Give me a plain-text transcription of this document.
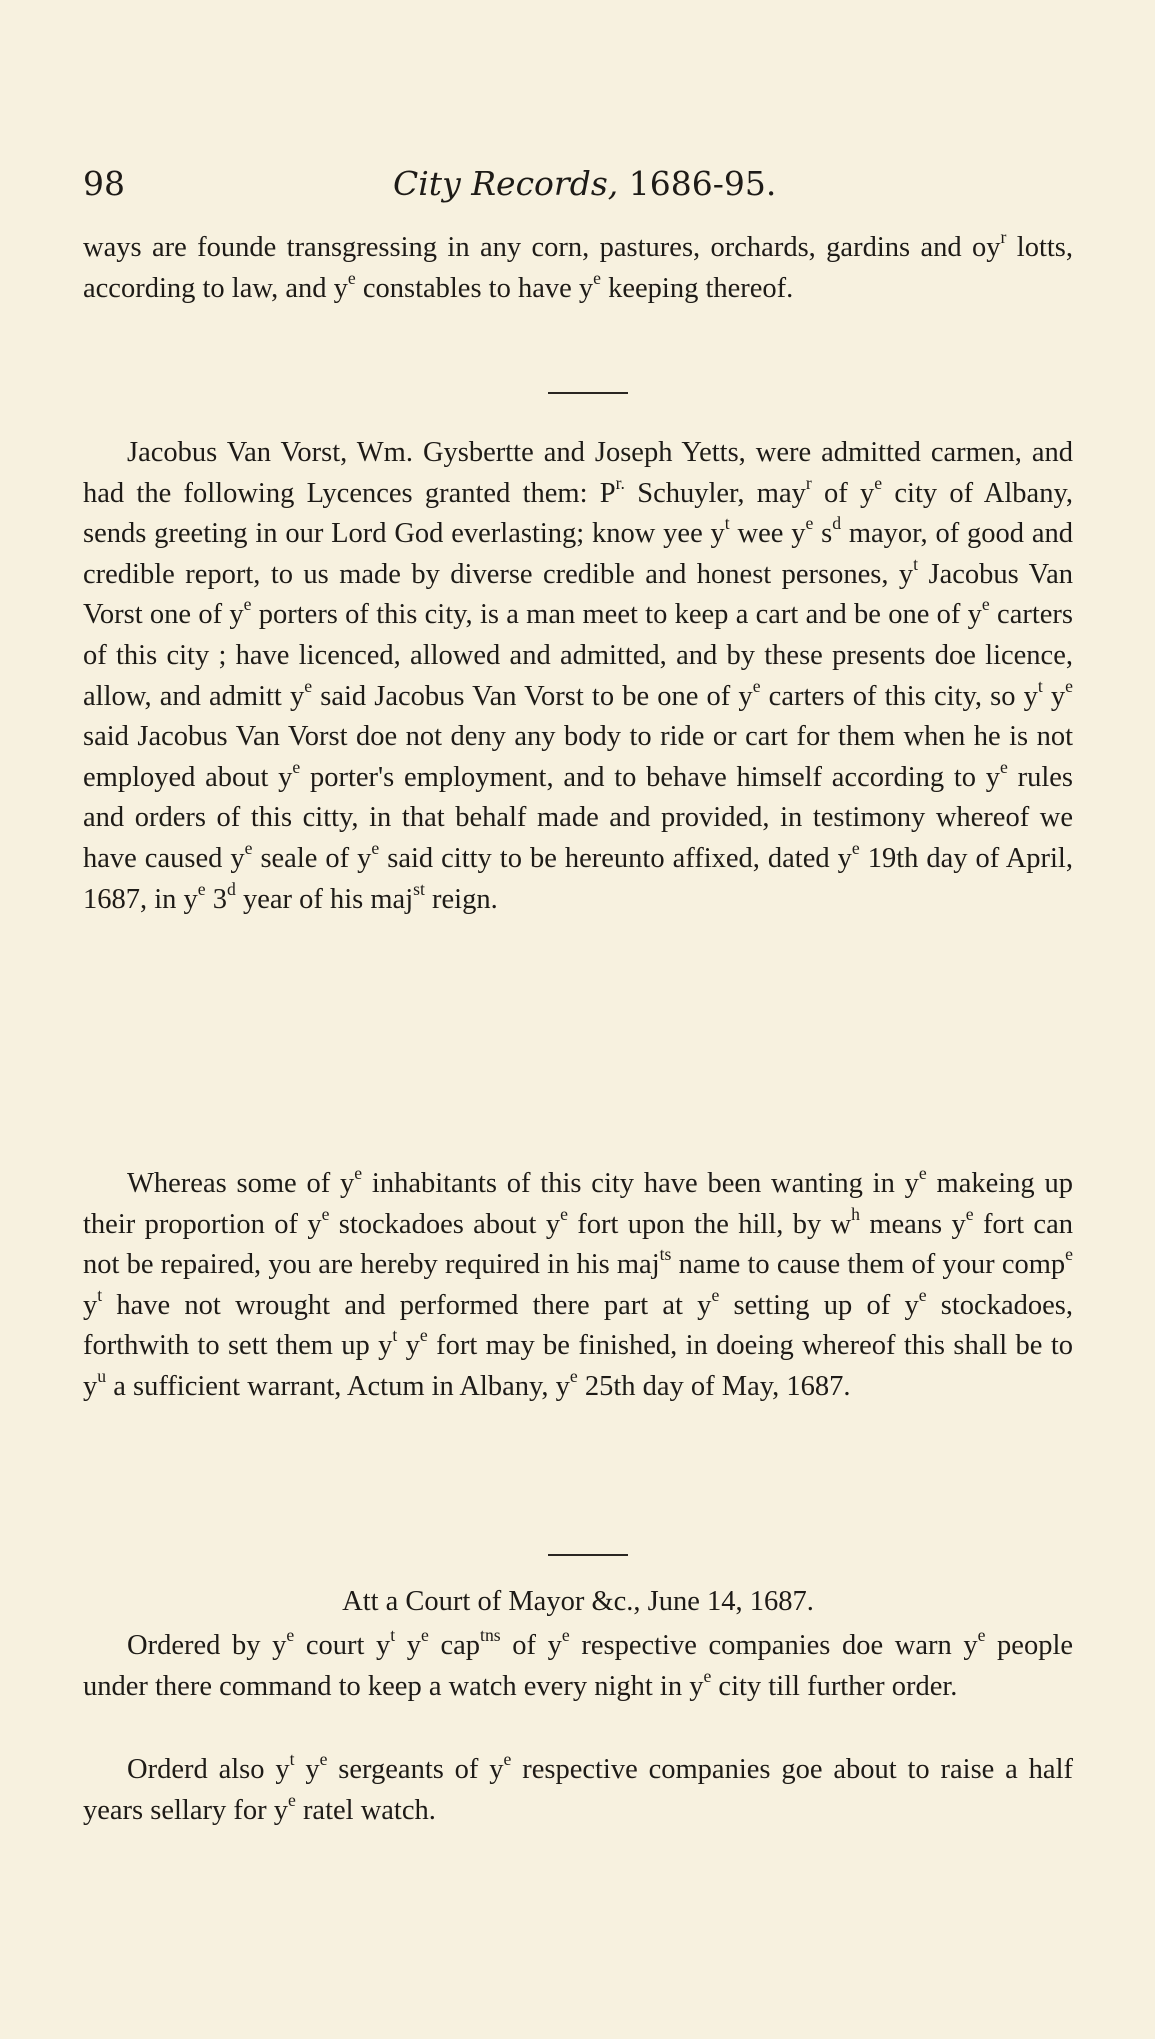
98	City Records, 1686-95.

ways are founde transgressing in any corn, pastures, orchards, gardins and $oy^r$ lotts, according to law, and $y^e$ constables to have $y^e$ keeping thereof.

Jacobus Van Vorst, Wm. Gysbertte and Joseph Yetts, were admitted carmen, and had the following Lycences granted them: $P^{r.}$ Schuyler, may$^r$ of $y^e$ city of Albany, sends greeting in our Lord God everlasting; know yee $y^t$ wee $y^e$ $s^d$ mayor, of good and credible report, to us made by diverse credible and honest persones, $y^t$ Jacobus Van Vorst one of $y^e$ porters of this city, is a man meet to keep a cart and be one of $y^e$ carters of this city ; have licenced, allowed and admitted, and by these presents doe licence, allow, and admitt $y^e$ said Jacobus Van Vorst to be one of $y^e$ carters of this city, so $y^t$ $y^e$ said Jacobus Van Vorst doe not deny any body to ride or cart for them when he is not employed about $y^e$ porter's employment, and to behave himself according to $y^e$ rules and orders of this citty, in that behalf made and provided, in testimony whereof we have caused $y^e$ seale of $y^e$ said citty to be hereunto affixed, dated $y^e$ 19th day of April, 1687, in $y^e$ 3$^d$ year of his maj$^{st}$ reign.

Whereas some of $y^e$ inhabitants of this city have been wanting in $y^e$ makeing up their proportion of $y^e$ stockadoes about $y^e$ fort upon the hill, by $w^h$ means $y^e$ fort can not be repaired, you are hereby required in his maj$^{ts}$ name to cause them of your comp$^e$ $y^t$ have not wrought and performed there part at $y^e$ setting up of $y^e$ stockadoes, forthwith to sett them up $y^t$ $y^e$ fort may be finished, in doeing whereof this shall be to $y^u$ a sufficient warrant, Actum in Albany, $y^e$ 25th day of May, 1687.

Att a Court of Mayor &c., June 14, 1687.

Ordered by $y^e$ court $y^t$ $y^e$ cap$^{tns}$ of $y^e$ respective companies doe warn $y^e$ people under there command to keep a watch every night in $y^e$ city till further order.

Orderd also $y^t$ $y^e$ sergeants of $y^e$ respective companies goe about to raise a half years sellary for $y^e$ ratel watch.
